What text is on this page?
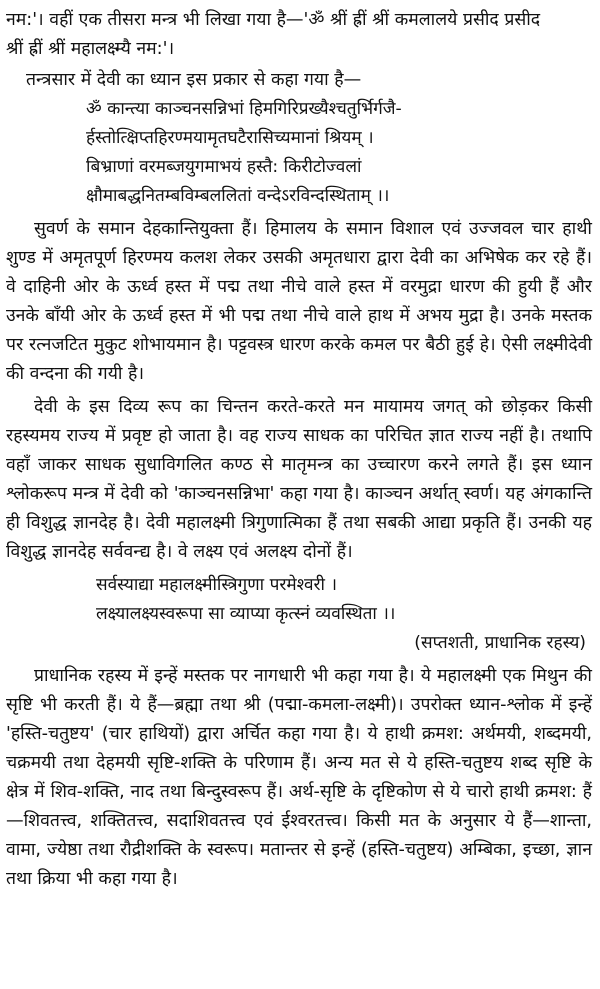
नम:'। वहीं एक तीसरा मन्त्र भी लिखा गया है—'ॐ श्रीं ह्रीं श्रीं कमलालये प्रसीद प्रसीद
श्रीं ह्रीं श्रीं महालक्ष्म्यै नम:'।

तन्त्रसार में देवी का ध्यान इस प्रकार से कहा गया है—

ॐ कान्त्या काञ्चनसन्निभां हिमगिरिप्रख्यैश्चतुर्भिर्गजै-
र्हस्तोत्क्षिप्तहिरण्मयामृतघटैरासिच्यमानां श्रियम् ।
बिभ्राणां वरमब्जयुगमाभयं हस्तै: किरीटोज्वलां
क्षौमाबद्धनितम्बविम्बललितां वन्देऽरविन्दस्थिताम् ।।

सुवर्ण के समान देहकान्तियुक्ता हैं। हिमालय के समान विशाल एवं उज्जवल चार हाथी शुण्ड में अमृतपूर्ण हिरण्मय कलश लेकर उसकी अमृतधारा द्वारा देवी का अभिषेक कर रहे हैं। वे दाहिनी ओर के ऊर्ध्व हस्त में पद्म तथा नीचे वाले हस्त में वरमुद्रा धारण की हुयी हैं और उनके बाँयी ओर के ऊर्ध्व हस्त में भी पद्म तथा नीचे वाले हाथ में अभय मुद्रा है। उनके मस्तक पर रत्नजटित मुकुट शोभायमान है। पट्टवस्त्र धारण करके कमल पर बैठी हुई हे। ऐसी लक्ष्मीदेवी की वन्दना की गयी है।

देवी के इस दिव्य रूप का चिन्तन करते-करते मन मायामय जगत् को छोड़कर किसी रहस्यमय राज्य में प्रवृष्ट हो जाता है। वह राज्य साधक का परिचित ज्ञात राज्य नहीं है। तथापि वहाँ जाकर साधक सुधाविगलित कण्ठ से मातृमन्त्र का उच्चारण करने लगते हैं। इस ध्यान श्लोकरूप मन्त्र में देवी को 'काञ्चनसन्निभा' कहा गया है। काञ्चन अर्थात् स्वर्ण। यह अंगकान्ति ही विशुद्ध ज्ञानदेह है। देवी महालक्ष्मी त्रिगुणात्मिका हैं तथा सबकी आद्या प्रकृति हैं। उनकी यह विशुद्ध ज्ञानदेह सर्ववन्द्य है। वे लक्ष्य एवं अलक्ष्य दोनों हैं।

सर्वस्याद्या महालक्ष्मीस्त्रिगुणा परमेश्वरी ।
लक्ष्यालक्ष्यस्वरूपा सा व्याप्या कृत्स्नं व्यवस्थिता ।।

(सप्तशती, प्राधानिक रहस्य)

प्राधानिक रहस्य में इन्हें मस्तक पर नागधारी भी कहा गया है। ये महालक्ष्मी एक मिथुन की सृष्टि भी करती हैं। ये हैं—ब्रह्मा तथा श्री (पद्मा-कमला-लक्ष्मी)। उपरोक्त ध्यान-श्लोक में इन्हें 'हस्ति-चतुष्टय' (चार हाथियों) द्वारा अर्चित कहा गया है। ये हाथी क्रमश: अर्थमयी, शब्दमयी, चक्रमयी तथा देहमयी सृष्टि-शक्ति के परिणाम हैं। अन्य मत से ये हस्ति-चतुष्टय शब्द सृष्टि के क्षेत्र में शिव-शक्ति, नाद तथा बिन्दुस्वरूप हैं। अर्थ-सृष्टि के दृष्टिकोण से ये चारो हाथी क्रमश: हैं—शिवतत्त्व, शक्तितत्त्व, सदाशिवतत्त्व एवं ईश्वरतत्त्व। किसी मत के अनुसार ये हैं—शान्ता, वामा, ज्येष्ठा तथा रौद्रीशक्ति के स्वरूप। मतान्तर से इन्हें (हस्ति-चतुष्टय) अम्बिका, इच्छा, ज्ञान तथा क्रिया भी कहा गया है।
